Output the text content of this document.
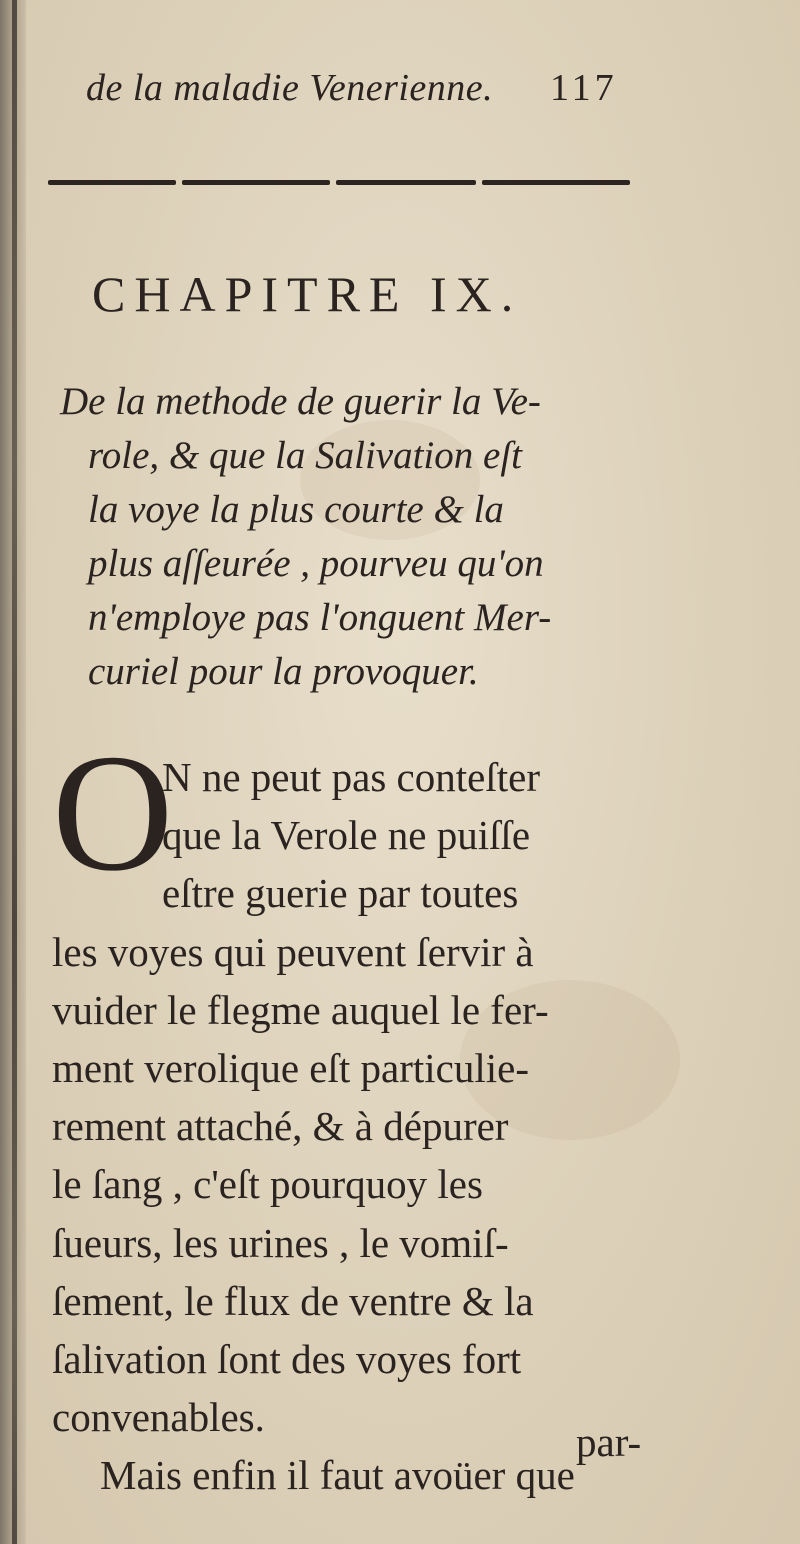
de la maladie Venerienne. 117
CHAPITRE IX.
De la methode de guerir la Ve-
role, & que la Salivation eſt
la voye la plus courte & la
plus aſſeurée , pourveu qu'on
n'employe pas l'onguent Mer-
curiel pour la provoquer.
O
N ne peut pas conteſter
que la Verole ne puiſſe
eſtre guerie par toutes
les voyes qui peuvent ſervir à
vuider le flegme auquel le fer-
ment verolique eſt particulie-
rement attaché, & à dépurer
le ſang , c'eſt pourquoy les
ſueurs, les urines , le vomiſ-
ſement, le flux de ventre & la
ſalivation ſont des voyes fort
convenables.
Mais enfin il faut avoüer que
par-
